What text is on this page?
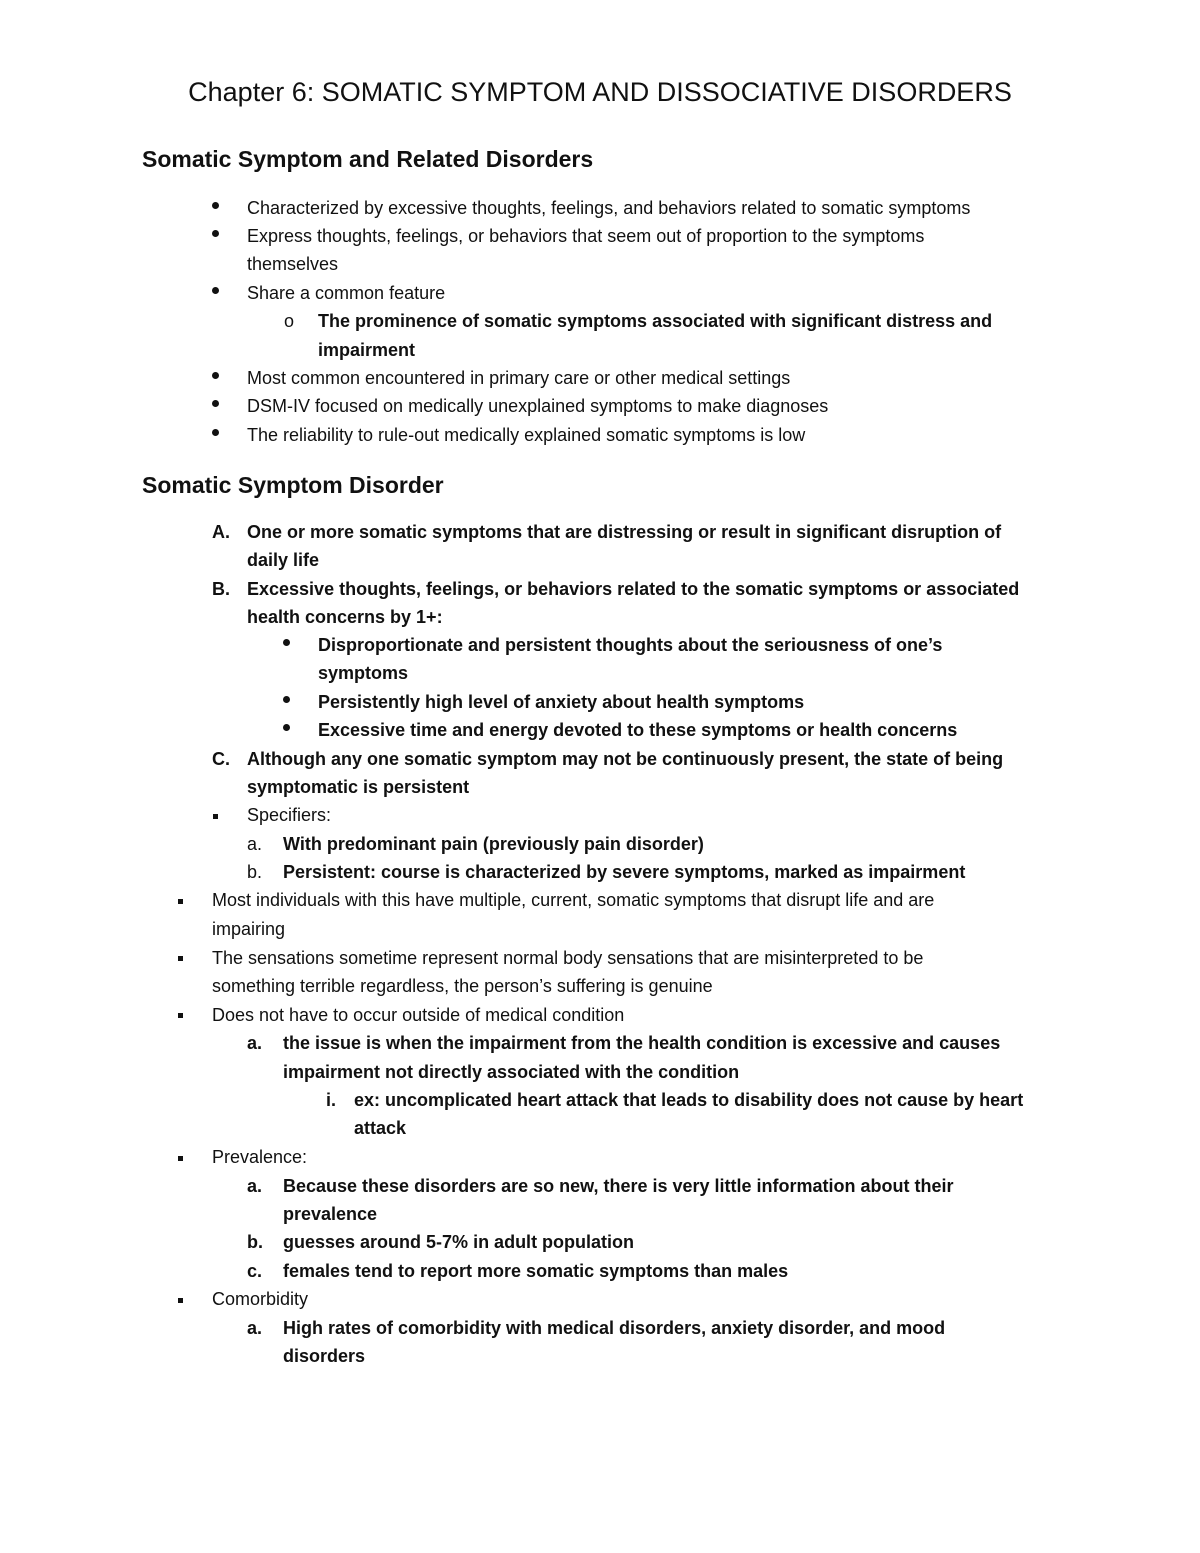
Chapter 6: SOMATIC SYMPTOM AND DISSOCIATIVE DISORDERS
Somatic Symptom and Related Disorders
Characterized by excessive thoughts, feelings, and behaviors related to somatic symptoms
Express thoughts, feelings, or behaviors that seem out of proportion to the symptoms
themselves
Share a common feature
o The prominence of somatic symptoms associated with significant distress and
impairment
Most common encountered in primary care or other medical settings
DSM-IV focused on medically unexplained symptoms to make diagnoses
The reliability to rule-out medically explained somatic symptoms is low
Somatic Symptom Disorder
A. One or more somatic symptoms that are distressing or result in significant disruption of
daily life
B. Excessive thoughts, feelings, or behaviors related to the somatic symptoms or associated
health concerns by 1+:
Disproportionate and persistent thoughts about the seriousness of one’s
symptoms
Persistently high level of anxiety about health symptoms
Excessive time and energy devoted to these symptoms or health concerns
C. Although any one somatic symptom may not be continuously present, the state of being
symptomatic is persistent
Specifiers:
a. With predominant pain (previously pain disorder)
b. Persistent: course is characterized by severe symptoms, marked as impairment
Most individuals with this have multiple, current, somatic symptoms that disrupt life and are
impairing
The sensations sometime represent normal body sensations that are misinterpreted to be
something terrible regardless, the person’s suffering is genuine
Does not have to occur outside of medical condition
a. the issue is when the impairment from the health condition is excessive and causes
impairment not directly associated with the condition
i. ex: uncomplicated heart attack that leads to disability does not cause by heart
attack
Prevalence:
a. Because these disorders are so new, there is very little information about their
prevalence
b. guesses around 5-7% in adult population
c. females tend to report more somatic symptoms than males
Comorbidity
a. High rates of comorbidity with medical disorders, anxiety disorder, and mood
disorders
